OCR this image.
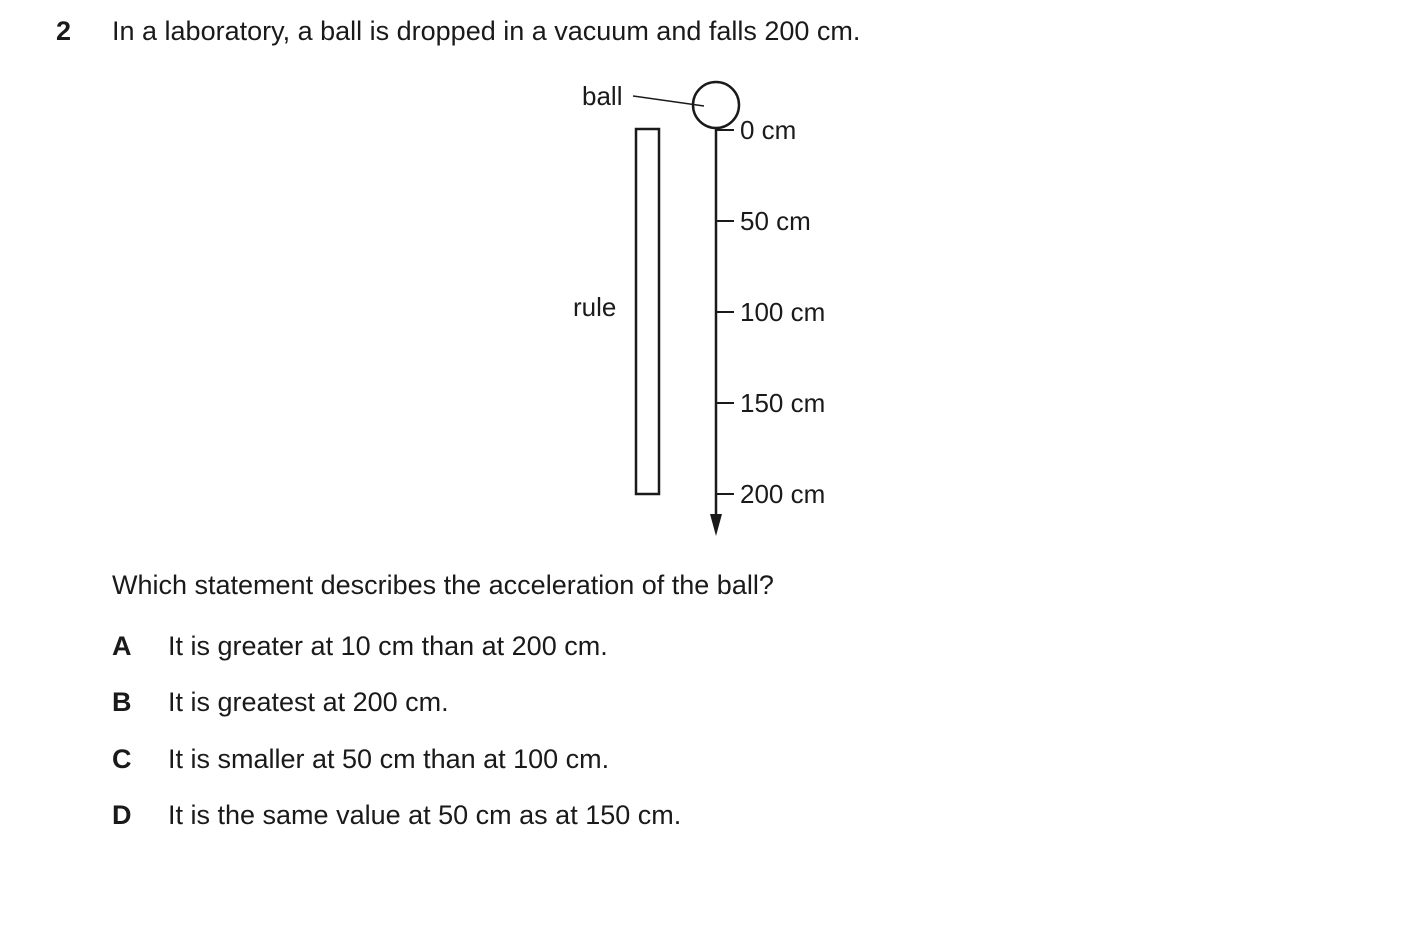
2 In a laboratory, a ball is dropped in a vacuum and falls 200 cm.
ball
rule
0 cm
50 cm
100 cm
150 cm
200 cm
Which statement describes the acceleration of the ball?
A It is greater at 10 cm than at 200 cm.
B It is greatest at 200 cm.
C It is smaller at 50 cm than at 100 cm.
D It is the same value at 50 cm as at 150 cm.
